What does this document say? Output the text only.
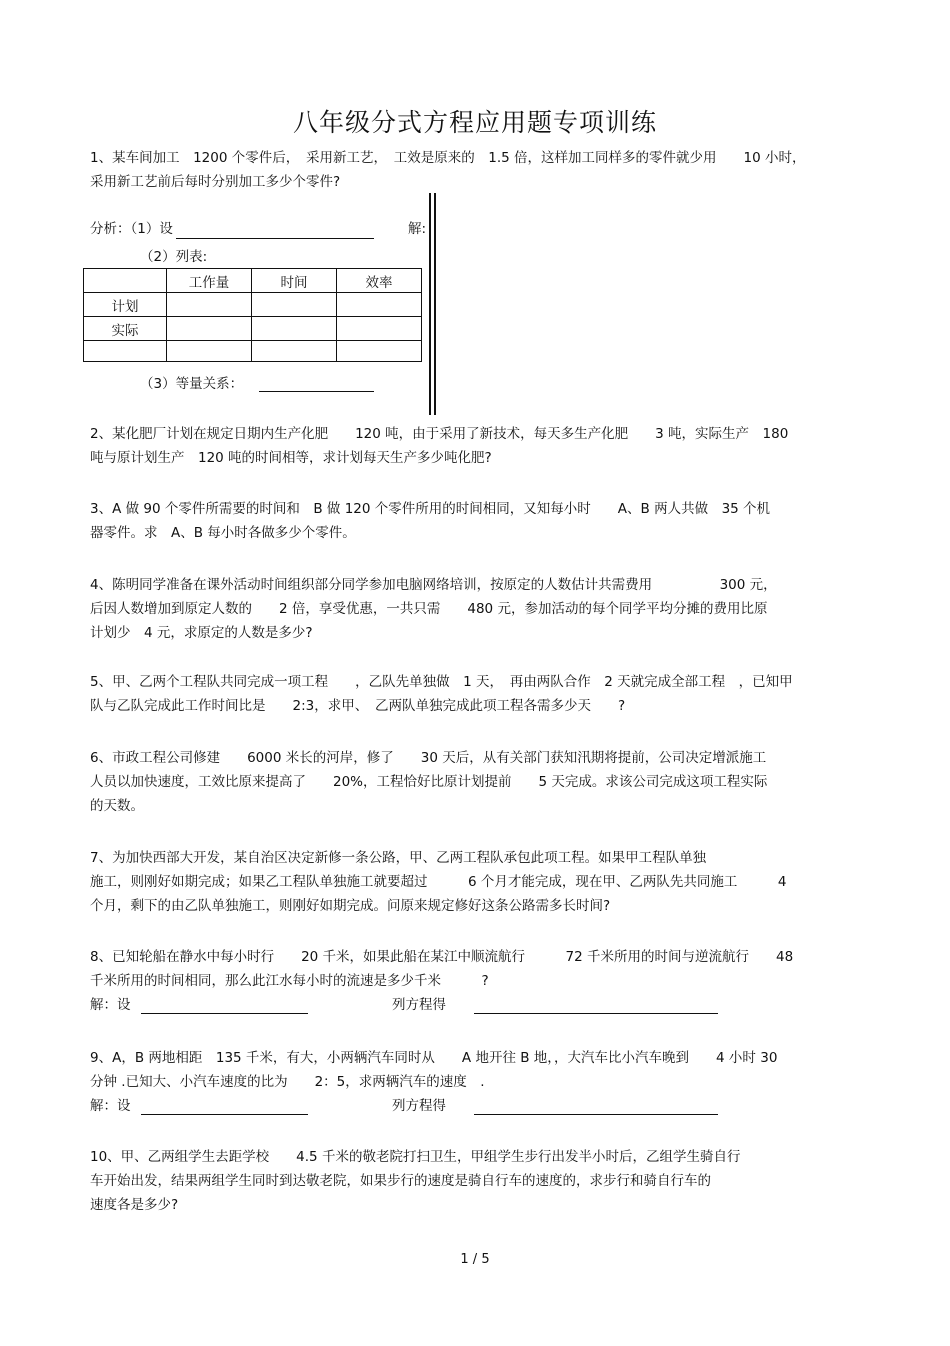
八年级分式方程应用题专项训练
1、某车间加工　1200 个零件后，　采用新工艺，　工效是原来的　1.5 倍，这样加工同样多的零件就少用　　10 小时，
采用新工艺前后每时分别加工多少个零件?
分析：（1）设	解:
（2）列表:
	工作量	时间	效率
计划			
实际			

（3）等量关系：
2、某化肥厂计划在规定日期内生产化肥　　120 吨，由于采用了新技术，每天多生产化肥　　3 吨，实际生产　180
吨与原计划生产　120 吨的时间相等，求计划每天生产多少吨化肥?
3、A 做 90 个零件所需要的时间和　B 做 120 个零件所用的时间相同，又知每小时　　A、B 两人共做　35 个机
器零件。求　A、B 每小时各做多少个零件。
4、陈明同学准备在课外活动时间组织部分同学参加电脑网络培训，按原定的人数估计共需费用　　　　　300 元，
后因人数增加到原定人数的　　2 倍，享受优惠，一共只需　　480 元，参加活动的每个同学平均分摊的费用比原
计划少　4 元，求原定的人数是多少?
5、甲、乙两个工程队共同完成一项工程　　，乙队先单独做　1 天，　再由两队合作　2 天就完成全部工程　，已知甲
队与乙队完成此工作时间比是　　2:3，求甲、　乙两队单独完成此项工程各需多少天　　?
6、市政工程公司修建　　6000 米长的河岸，修了　　30 天后，从有关部门获知汛期将提前，公司决定增派施工
人员以加快速度，工效比原来提高了　　20%，工程恰好比原计划提前　　5 天完成。求该公司完成这项工程实际
的天数。
7、为加快西部大开发，某自治区决定新修一条公路，甲、乙两工程队承包此项工程。如果甲工程队单独
施工，则刚好如期完成；如果乙工程队单独施工就要超过　　　6 个月才能完成，现在甲、乙两队先共同施工　　　4
个月，剩下的由乙队单独施工，则刚好如期完成。问原来规定修好这条公路需多长时间?
8、已知轮船在静水中每小时行　　20 千米，如果此船在某江中顺流航行　　　72 千米所用的时间与逆流航行　　48
千米所用的时间相同，那么此江水每小时的流速是多少千米　　　?
解：设	列方程得
9、A，B 两地相距　135 千米，有大，小两辆汽车同时从　　A 地开往 B 地，，大汽车比小汽车晚到　　4 小时 30
分钟 .已知大、小汽车速度的比为　　2：5，求两辆汽车的速度　.
解：设	列方程得
10、甲、乙两组学生去距学校　　4.5 千米的敬老院打扫卫生，甲组学生步行出发半小时后，乙组学生骑自行
车开始出发，结果两组学生同时到达敬老院，如果步行的速度是骑自行车的速度的，求步行和骑自行车的
速度各是多少?
1 / 5
